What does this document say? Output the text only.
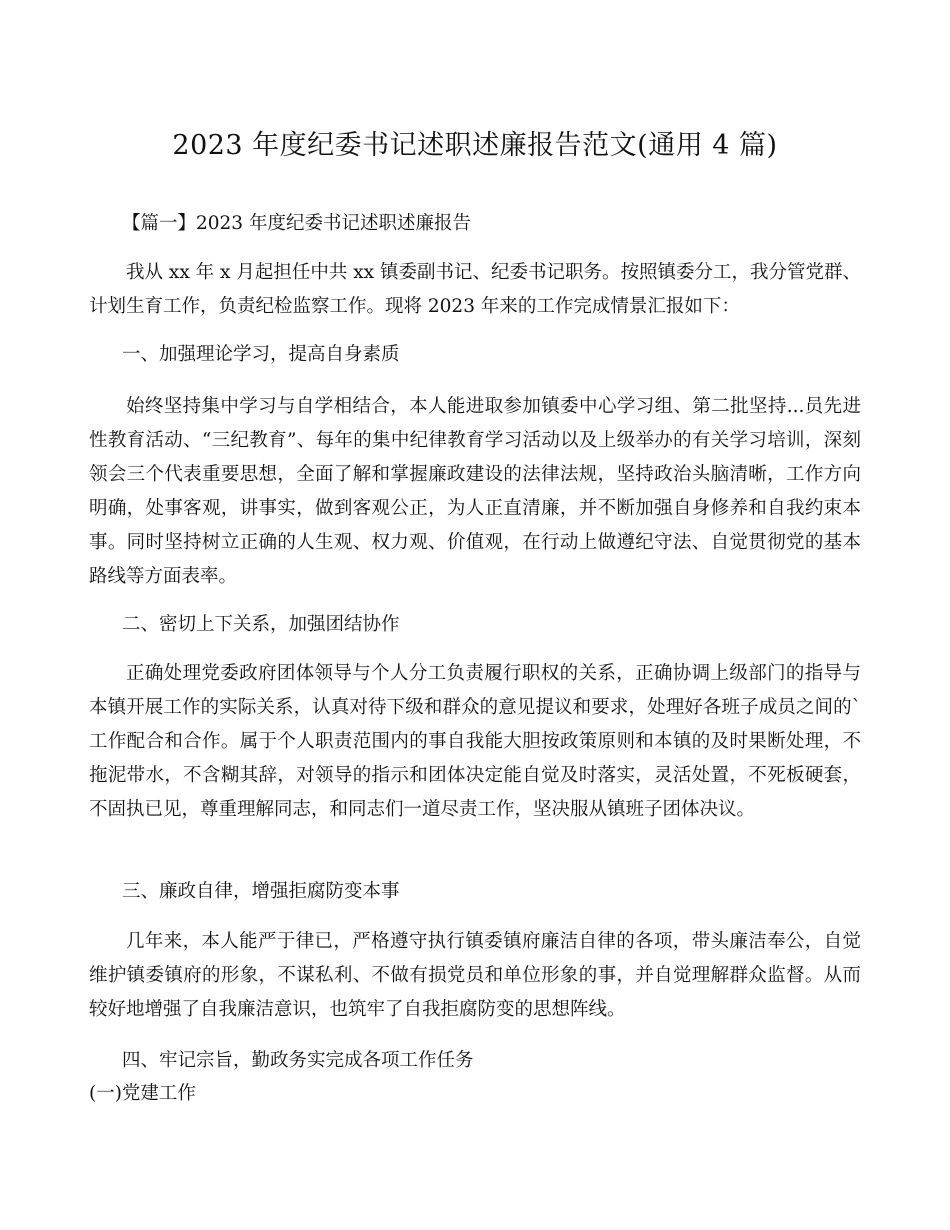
2023 年度纪委书记述职述廉报告范文(通用 4 篇)
【篇一】2023 年度纪委书记述职述廉报告
我从 xx 年 x 月起担任中共 xx 镇委副书记、纪委书记职务。按照镇委分工，我分管党群、计划生育工作，负责纪检监察工作。现将 2023 年来的工作完成情景汇报如下：
一、加强理论学习，提高自身素质
始终坚持集中学习与自学相结合，本人能进取参加镇委中心学习组、第二批坚持...员先进性教育活动、“三纪教育”、每年的集中纪律教育学习活动以及上级举办的有关学习培训，深刻领会三个代表重要思想，全面了解和掌握廉政建设的法律法规，坚持政治头脑清晰，工作方向明确，处事客观，讲事实，做到客观公正，为人正直清廉，并不断加强自身修养和自我约束本事。同时坚持树立正确的人生观、权力观、价值观，在行动上做遵纪守法、自觉贯彻党的基本路线等方面表率。
二、密切上下关系，加强团结协作
正确处理党委政府团体领导与个人分工负责履行职权的关系，正确协调上级部门的指导与本镇开展工作的实际关系，认真对待下级和群众的意见提议和要求，处理好各班子成员之间的`工作配合和合作。属于个人职责范围内的事自我能大胆按政策原则和本镇的及时果断处理，不拖泥带水，不含糊其辞，对领导的指示和团体决定能自觉及时落实，灵活处置，不死板硬套，不固执已见，尊重理解同志，和同志们一道尽责工作，坚决服从镇班子团体决议。
三、廉政自律，增强拒腐防变本事
几年来，本人能严于律已，严格遵守执行镇委镇府廉洁自律的各项，带头廉洁奉公，自觉维护镇委镇府的形象，不谋私利、不做有损党员和单位形象的事，并自觉理解群众监督。从而较好地增强了自我廉洁意识，也筑牢了自我拒腐防变的思想阵线。
四、牢记宗旨，勤政务实完成各项工作任务
(一)党建工作
